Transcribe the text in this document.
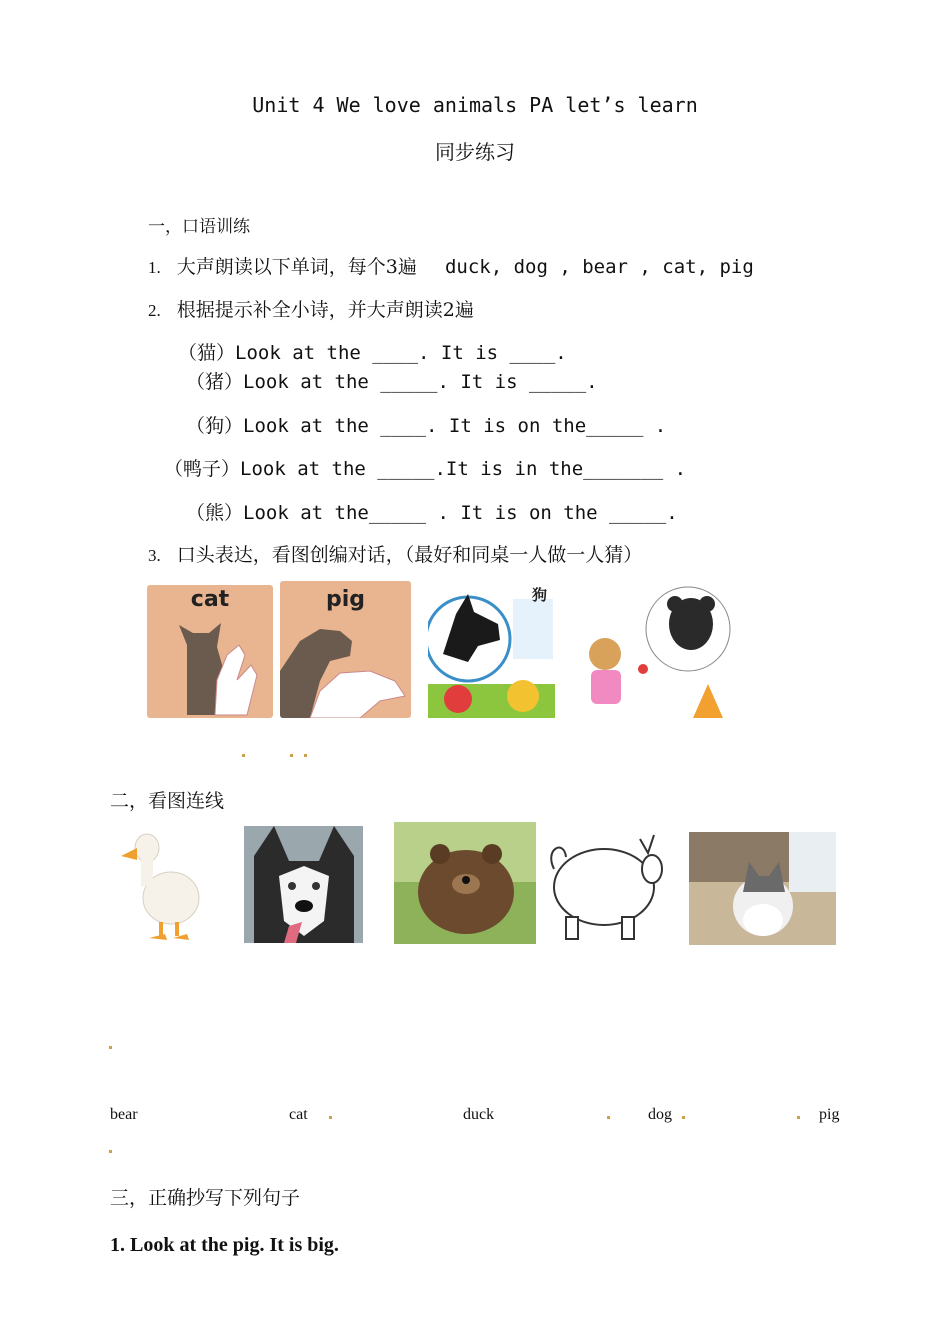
Unit 4 We love animals PA let’s learn
同步练习
一，口语训练
1. 大声朗读以下单词，每个3遍 duck, dog , bear , cat, pig
2. 根据提示补全小诗，并大声朗读2遍
（猫）Look at the ____. It is ____.
（猪）Look at the _____. It is _____.
（狗）Look at the ____. It is on the_____ .
（鸭子）Look at the _____.It is in the_______ .
（熊）Look at the_____ . It is on the _____.
3. 口头表达，看图创编对话，（最好和同桌一人做一人猜）
cat	pig	狗
二，看图连线
bear	cat	duck	dog	pig
三，正确抄写下列句子
1. Look at the pig. It is big.
